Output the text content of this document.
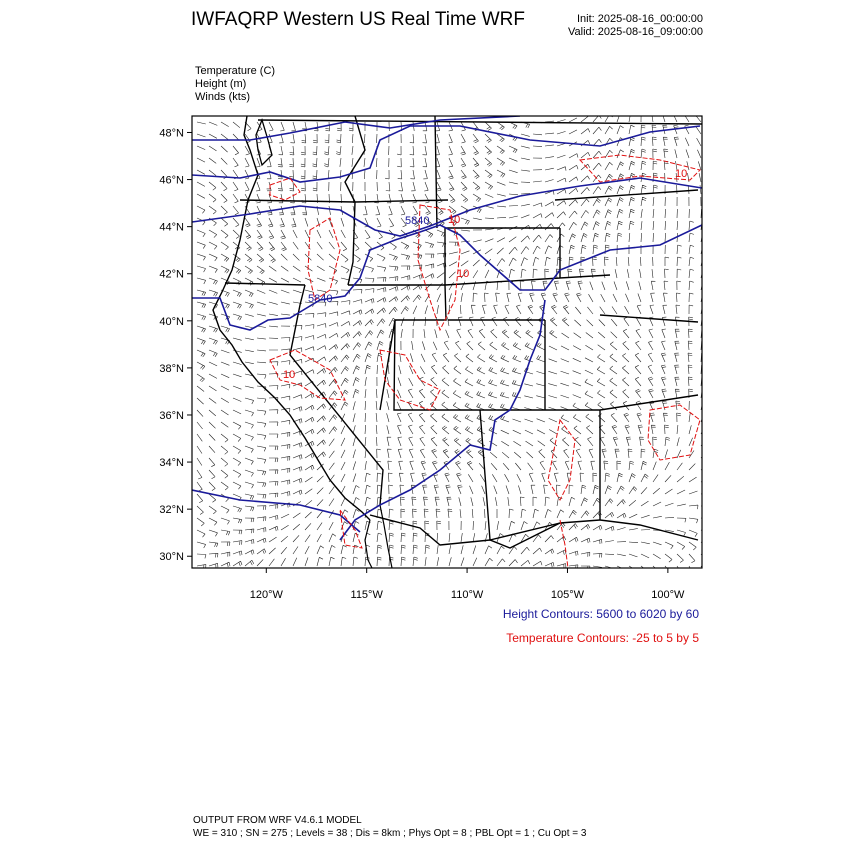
IWFAQRP Western US Real Time WRF	Init: 2025-08-16_00:00:00
Valid: 2025-08-16_09:00:00
Temperature (C)
Height (m)
Winds (kts)
5840
5840
10
10
10
10
48°N
46°N
44°N
42°N
40°N
38°N
36°N
34°N
32°N
30°N
120°W	115°W	110°W	105°W	100°W
Height Contours: 5600 to 6020 by 60
Temperature Contours: -25 to 5 by 5
OUTPUT FROM WRF V4.6.1 MODEL
WE = 310 ; SN = 275 ; Levels = 38 ; Dis = 8km ; Phys Opt = 8 ; PBL Opt = 1 ; Cu Opt = 3
